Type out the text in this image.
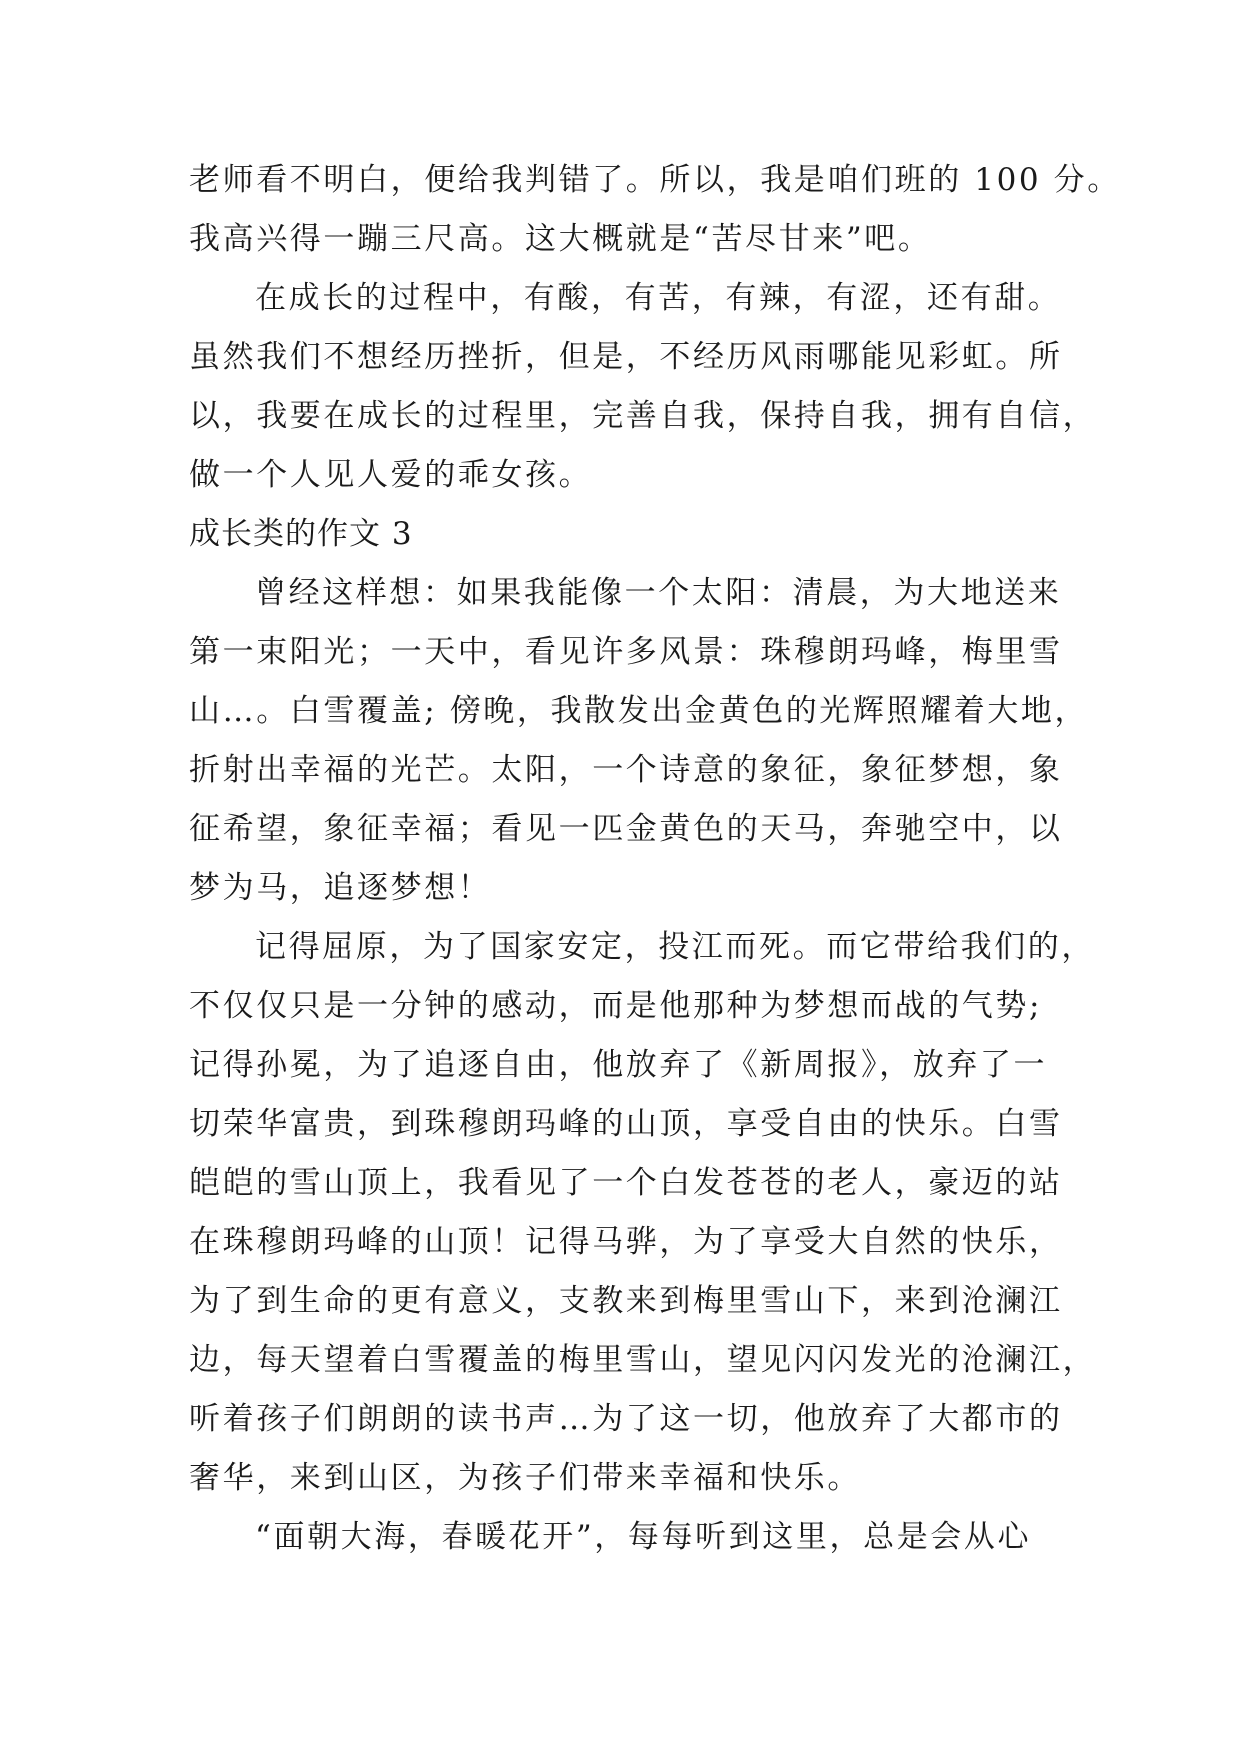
老师看不明白，便给我判错了。所以，我是咱们班的 100 分。
我高兴得一蹦三尺高。这大概就是“苦尽甘来”吧。
在成长的过程中，有酸，有苦，有辣，有涩，还有甜。
虽然我们不想经历挫折，但是，不经历风雨哪能见彩虹。所
以，我要在成长的过程里，完善自我，保持自我，拥有自信，
做一个人见人爱的乖女孩。
成长类的作文 3
曾经这样想：如果我能像一个太阳：清晨，为大地送来
第一束阳光；一天中，看见许多风景：珠穆朗玛峰，梅里雪
山…。白雪覆盖; 傍晚，我散发出金黄色的光辉照耀着大地，
折射出幸福的光芒。太阳，一个诗意的象征，象征梦想，象
征希望，象征幸福；看见一匹金黄色的天马，奔驰空中，以
梦为马，追逐梦想！
记得屈原，为了国家安定，投江而死。而它带给我们的，
不仅仅只是一分钟的感动，而是他那种为梦想而战的气势;
记得孙冕，为了追逐自由，他放弃了《新周报》，放弃了一
切荣华富贵，到珠穆朗玛峰的山顶，享受自由的快乐。白雪
皑皑的雪山顶上，我看见了一个白发苍苍的老人，豪迈的站
在珠穆朗玛峰的山顶！记得马骅，为了享受大自然的快乐，
为了到生命的更有意义，支教来到梅里雪山下，来到沧澜江
边，每天望着白雪覆盖的梅里雪山，望见闪闪发光的沧澜江，
听着孩子们朗朗的读书声…为了这一切，他放弃了大都市的
奢华，来到山区，为孩子们带来幸福和快乐。
“面朝大海，春暖花开”，每每听到这里，总是会从心
